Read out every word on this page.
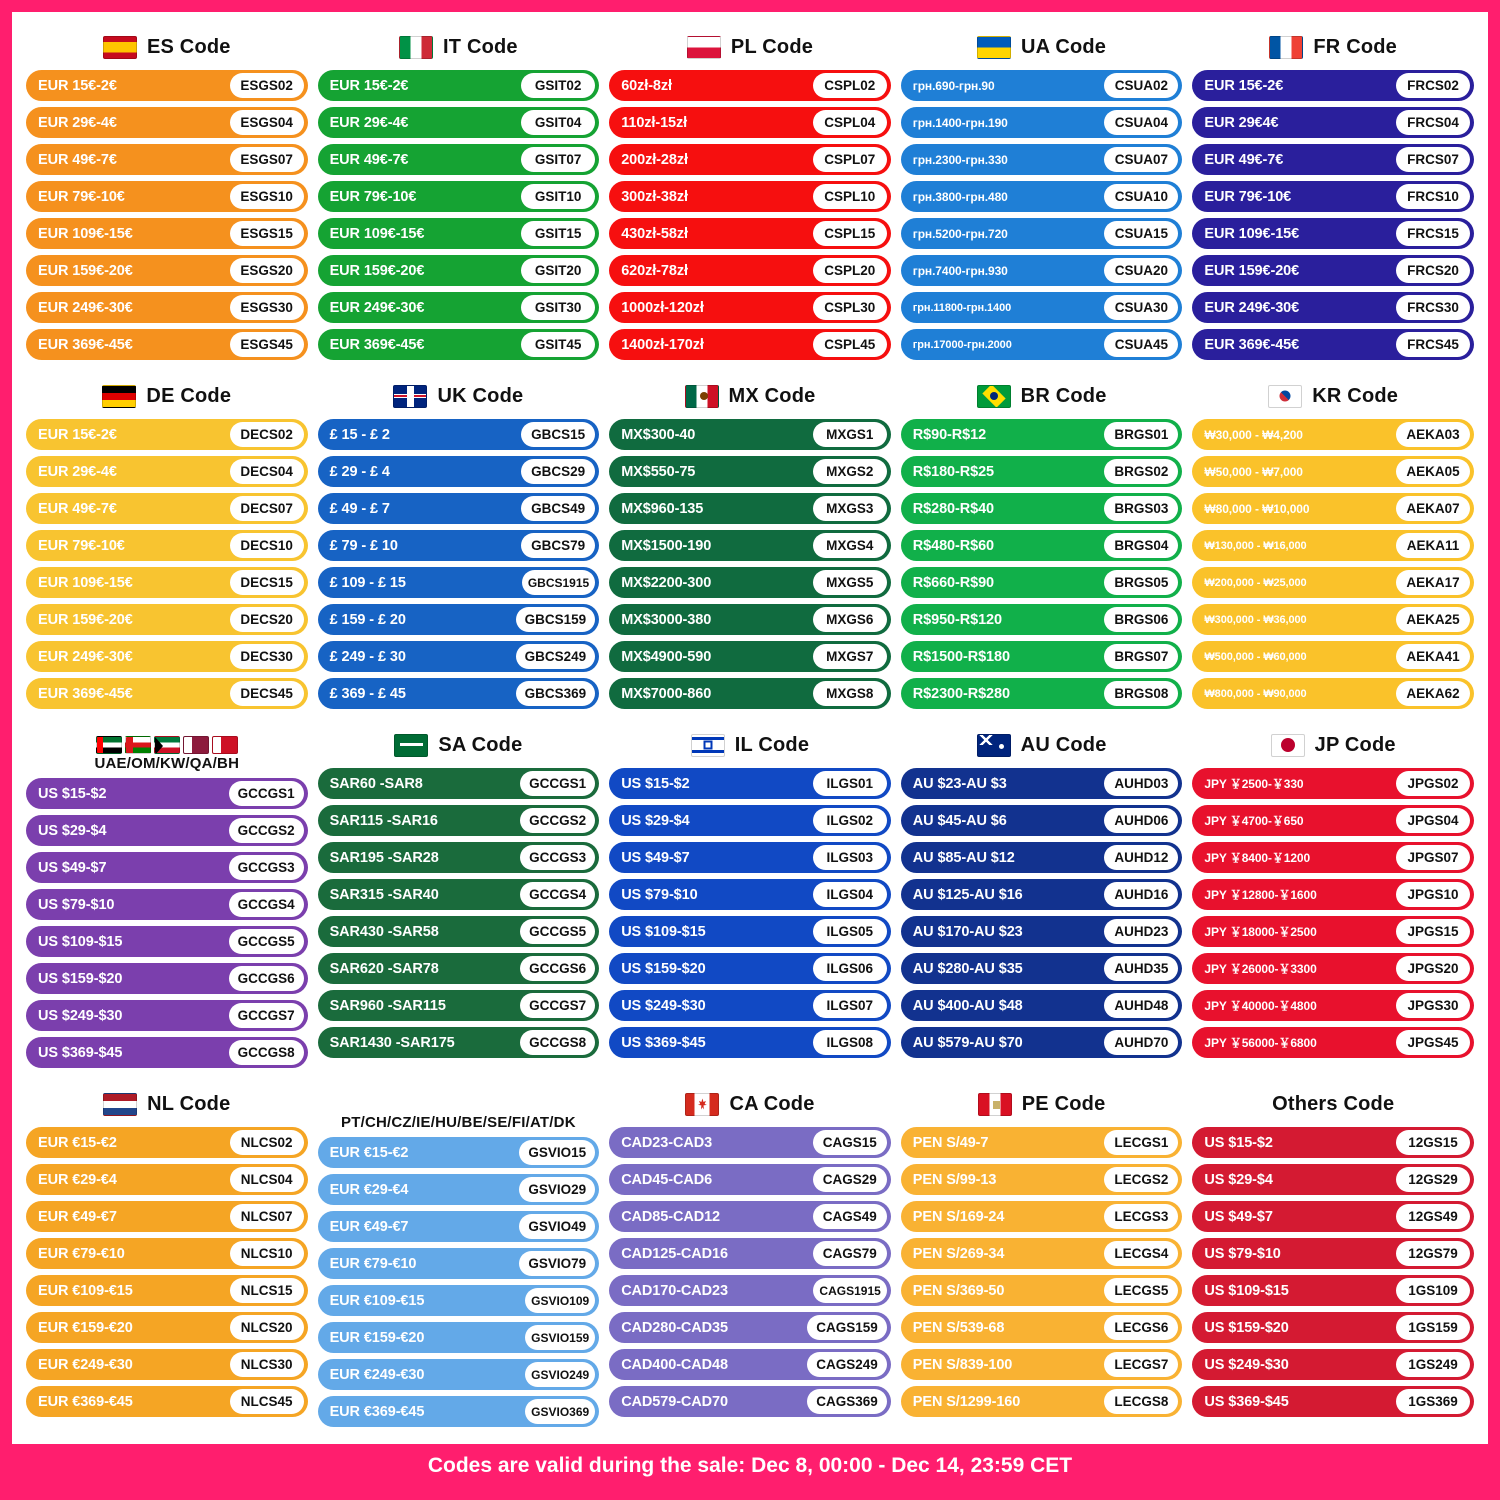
ES Code
EUR 15€-2€	ESGS02
EUR 29€-4€	ESGS04
EUR 49€-7€	ESGS07
EUR 79€-10€	ESGS10
EUR 109€-15€	ESGS15
EUR 159€-20€	ESGS20
EUR 249€-30€	ESGS30
EUR 369€-45€	ESGS45
IT Code
EUR 15€-2€	GSIT02
EUR 29€-4€	GSIT04
EUR 49€-7€	GSIT07
EUR 79€-10€	GSIT10
EUR 109€-15€	GSIT15
EUR 159€-20€	GSIT20
EUR 249€-30€	GSIT30
EUR 369€-45€	GSIT45
PL Code
60zł-8zł	CSPL02
110zł-15zł	CSPL04
200zł-28zł	CSPL07
300zł-38zł	CSPL10
430zł-58zł	CSPL15
620zł-78zł	CSPL20
1000zł-120zł	CSPL30
1400zł-170zł	CSPL45
UA Code
грн.690-грн.90	CSUA02
грн.1400-грн.190	CSUA04
грн.2300-грн.330	CSUA07
грн.3800-грн.480	CSUA10
грн.5200-грн.720	CSUA15
грн.7400-грн.930	CSUA20
грн.11800-грн.1400	CSUA30
грн.17000-грн.2000	CSUA45
FR Code
EUR 15€-2€	FRCS02
EUR 29€4€	FRCS04
EUR 49€-7€	FRCS07
EUR 79€-10€	FRCS10
EUR 109€-15€	FRCS15
EUR 159€-20€	FRCS20
EUR 249€-30€	FRCS30
EUR 369€-45€	FRCS45
DE Code
EUR 15€-2€	DECS02
EUR 29€-4€	DECS04
EUR 49€-7€	DECS07
EUR 79€-10€	DECS10
EUR 109€-15€	DECS15
EUR 159€-20€	DECS20
EUR 249€-30€	DECS30
EUR 369€-45€	DECS45
UK Code
£ 15 - £ 2	GBCS15
£ 29 - £ 4	GBCS29
£ 49 - £ 7	GBCS49
£ 79 - £ 10	GBCS79
£ 109 - £ 15	GBCS1915
£ 159 - £ 20	GBCS159
£ 249 - £ 30	GBCS249
£ 369 - £ 45	GBCS369
MX Code
MX$300-40	MXGS1
MX$550-75	MXGS2
MX$960-135	MXGS3
MX$1500-190	MXGS4
MX$2200-300	MXGS5
MX$3000-380	MXGS6
MX$4900-590	MXGS7
MX$7000-860	MXGS8
BR Code
R$90-R$12	BRGS01
R$180-R$25	BRGS02
R$280-R$40	BRGS03
R$480-R$60	BRGS04
R$660-R$90	BRGS05
R$950-R$120	BRGS06
R$1500-R$180	BRGS07
R$2300-R$280	BRGS08
KR Code
₩30,000 - ₩4,200	AEKA03
₩50,000 - ₩7,000	AEKA05
₩80,000 - ₩10,000	AEKA07
₩130,000 - ₩16,000	AEKA11
₩200,000 - ₩25,000	AEKA17
₩300,000 - ₩36,000	AEKA25
₩500,000 - ₩60,000	AEKA41
₩800,000 - ₩90,000	AEKA62
UAE/OM/KW/QA/BH
US $15-$2	GCCGS1
US $29-$4	GCCGS2
US $49-$7	GCCGS3
US $79-$10	GCCGS4
US $109-$15	GCCGS5
US $159-$20	GCCGS6
US $249-$30	GCCGS7
US $369-$45	GCCGS8
SA Code
SAR60 -SAR8	GCCGS1
SAR115 -SAR16	GCCGS2
SAR195 -SAR28	GCCGS3
SAR315 -SAR40	GCCGS4
SAR430 -SAR58	GCCGS5
SAR620 -SAR78	GCCGS6
SAR960 -SAR115	GCCGS7
SAR1430 -SAR175	GCCGS8
IL Code
US $15-$2	ILGS01
US $29-$4	ILGS02
US $49-$7	ILGS03
US $79-$10	ILGS04
US $109-$15	ILGS05
US $159-$20	ILGS06
US $249-$30	ILGS07
US $369-$45	ILGS08
AU Code
AU $23-AU $3	AUHD03
AU $45-AU $6	AUHD06
AU $85-AU $12	AUHD12
AU $125-AU $16	AUHD16
AU $170-AU $23	AUHD23
AU $280-AU $35	AUHD35
AU $400-AU $48	AUHD48
AU $579-AU $70	AUHD70
JP Code
JPY ￥2500-￥330	JPGS02
JPY ￥4700-￥650	JPGS04
JPY ￥8400-￥1200	JPGS07
JPY ￥12800-￥1600	JPGS10
JPY ￥18000-￥2500	JPGS15
JPY ￥26000-￥3300	JPGS20
JPY ￥40000-￥4800	JPGS30
JPY ￥56000-￥6800	JPGS45
NL Code
EUR €15-€2	NLCS02
EUR €29-€4	NLCS04
EUR €49-€7	NLCS07
EUR €79-€10	NLCS10
EUR €109-€15	NLCS15
EUR €159-€20	NLCS20
EUR €249-€30	NLCS30
EUR €369-€45	NLCS45
PT/CH/CZ/IE/HU/BE/SE/FI/AT/DK
EUR €15-€2	GSVIO15
EUR €29-€4	GSVIO29
EUR €49-€7	GSVIO49
EUR €79-€10	GSVIO79
EUR €109-€15	GSVIO109
EUR €159-€20	GSVIO159
EUR €249-€30	GSVIO249
EUR €369-€45	GSVIO369
CA Code
CAD23-CAD3	CAGS15
CAD45-CAD6	CAGS29
CAD85-CAD12	CAGS49
CAD125-CAD16	CAGS79
CAD170-CAD23	CAGS1915
CAD280-CAD35	CAGS159
CAD400-CAD48	CAGS249
CAD579-CAD70	CAGS369
PE Code
PEN S/49-7	LECGS1
PEN S/99-13	LECGS2
PEN S/169-24	LECGS3
PEN S/269-34	LECGS4
PEN S/369-50	LECGS5
PEN S/539-68	LECGS6
PEN S/839-100	LECGS7
PEN S/1299-160	LECGS8
Others Code
US $15-$2	12GS15
US $29-$4	12GS29
US $49-$7	12GS49
US $79-$10	12GS79
US $109-$15	1GS109
US $159-$20	1GS159
US $249-$30	1GS249
US $369-$45	1GS369
Codes are valid during the sale: Dec 8, 00:00 - Dec 14, 23:59 CET
